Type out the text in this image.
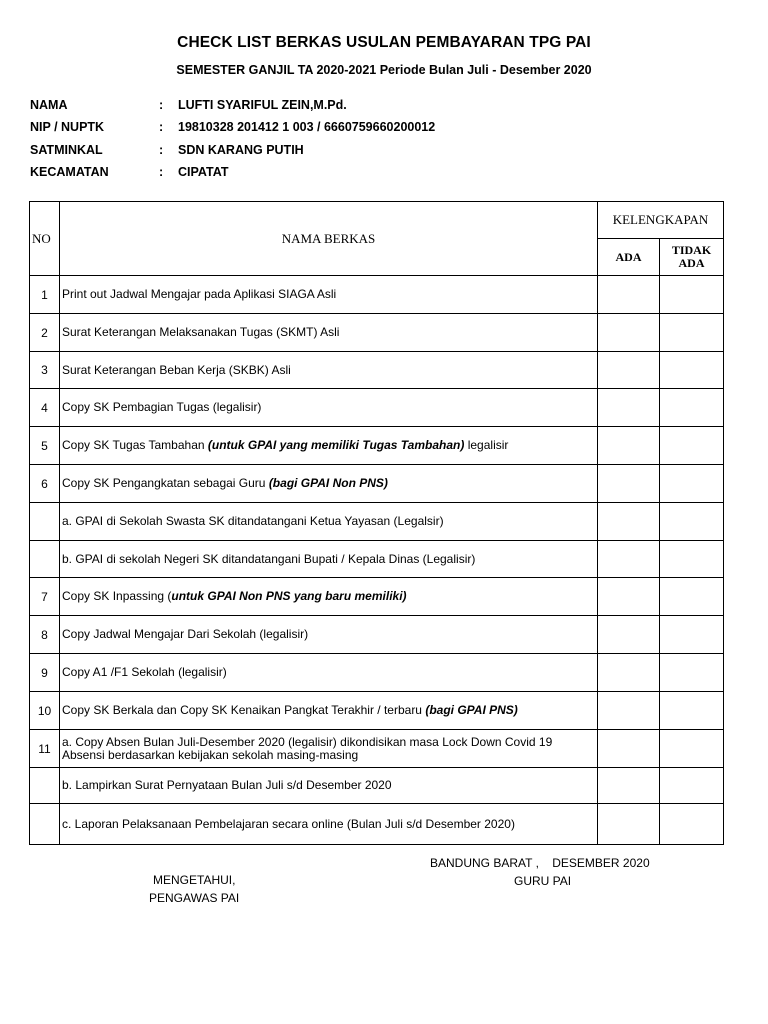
CHECK LIST BERKAS USULAN PEMBAYARAN TPG PAI
SEMESTER GANJIL TA 2020-2021 Periode Bulan Juli - Desember 2020
NAMA	: LUFTI SYARIFUL ZEIN,M.Pd.
NIP / NUPTK	: 19810328 201412 1 003 / 6660759660200012
SATMINKAL	: SDN KARANG PUTIH
KECAMATAN	: CIPATAT
NO	NAMA BERKAS	KELENGKAPAN	
		ADA	TIDAK ADA
1	Print out Jadwal Mengajar pada Aplikasi SIAGA Asli		
2	Surat Keterangan Melaksanakan Tugas (SKMT) Asli		
3	Surat Keterangan Beban Kerja (SKBK) Asli		
4	Copy SK Pembagian Tugas (legalisir)		
5	Copy SK Tugas Tambahan (untuk GPAI yang memiliki Tugas Tambahan) legalisir		
6	Copy SK Pengangkatan sebagai Guru (bagi GPAI Non PNS)		
	a. GPAI di Sekolah Swasta SK ditandatangani Ketua Yayasan (Legalsir)		
	b. GPAI di sekolah Negeri SK ditandatangani Bupati / Kepala Dinas (Legalisir)		
7	Copy SK Inpassing (untuk GPAI Non PNS yang baru memiliki)		
8	Copy Jadwal Mengajar Dari Sekolah (legalisir)		
9	Copy A1 /F1 Sekolah (legalisir)		
10	Copy SK Berkala dan Copy SK Kenaikan Pangkat Terakhir / terbaru (bagi GPAI PNS)		
11	a. Copy Absen Bulan Juli-Desember 2020 (legalisir) dikondisikan masa Lock Down Covid 19 Absensi berdasarkan kebijakan sekolah masing-masing		
	b. Lampirkan Surat Pernyataan Bulan Juli s/d Desember 2020		
	c. Laporan Pelaksanaan Pembelajaran secara online (Bulan Juli s/d Desember 2020)		
BANDUNG BARAT ,    DESEMBER 2020
GURU PAI
MENGETAHUI,
PENGAWAS PAI
